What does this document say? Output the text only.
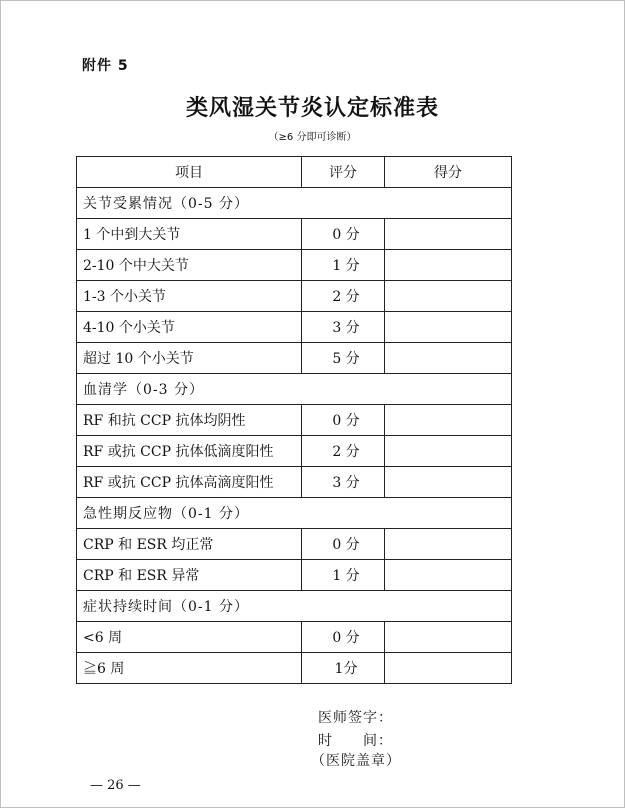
附件 5
类风湿关节炎认定标准表
（≥6 分即可诊断）
项目	评分	得分
关节受累情况（0-5 分）		
1 个中到大关节	0 分	
2-10 个中大关节	1 分	
1-3 个小关节	2 分	
4-10 个小关节	3 分	
超过 10 个小关节	5 分	
血清学（0-3 分）		
RF 和抗 CCP 抗体均阴性	0 分	
RF 或抗 CCP 抗体低滴度阳性	2 分	
RF 或抗 CCP 抗体高滴度阳性	3 分	
急性期反应物（0-1 分）		
CRP 和 ESR 均正常	0 分	
CRP 和 ESR 异常	1 分	
症状持续时间（0-1 分）		
<6 周	0 分	
≧6 周	1分	
医师签字：
时　　间：
（医院盖章）
— 26 —
